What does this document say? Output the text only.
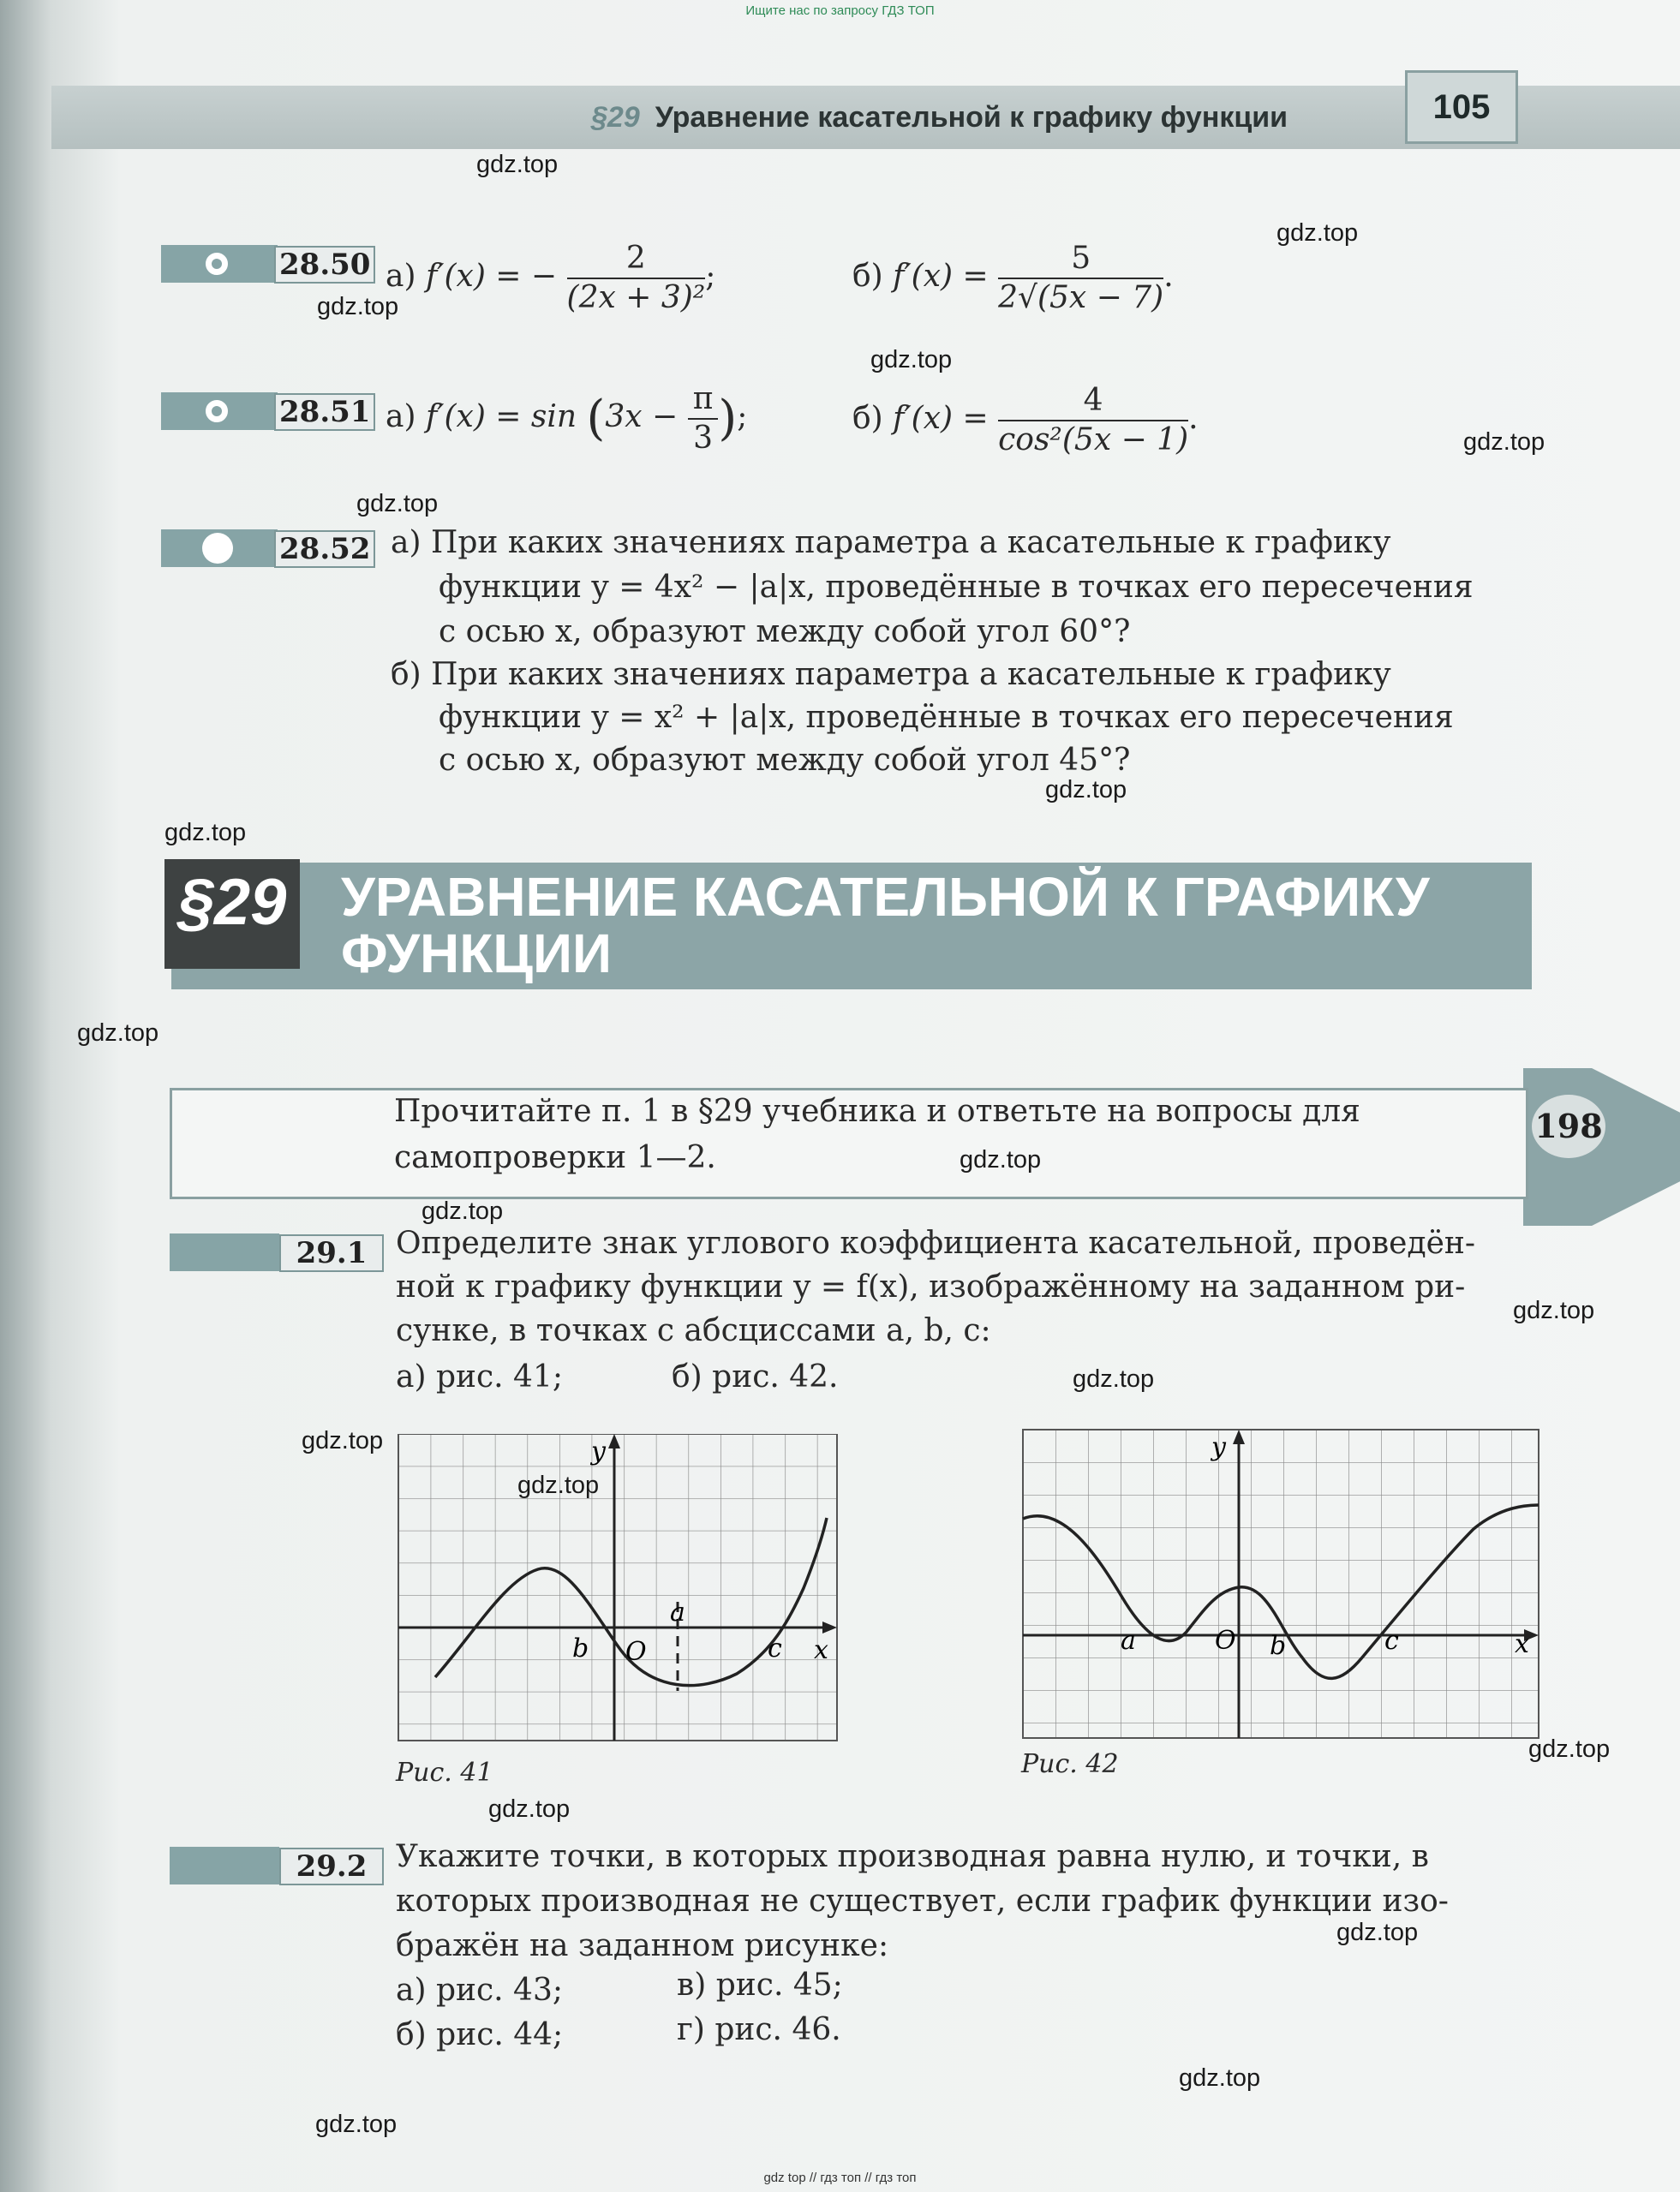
Ищите нас по запросу ГДЗ ТОП
§29 Уравнение касательной к графику функции	105
28.50 а) f′(x) = − $\frac{2}{\text{(2x + 3)²}}$ ;	б) $f'(x) = \frac{5}{2√(5x - 7)}$ .
28.51 а) $f'(x) = \sin (3x - \frac{\pi}{3}$ );	б) $f'(x) = \frac{4}{\text{cos²(5x − 1)}}$ .
28.52 а) При каких значениях параметра a касательные к графику
функции y = 4x² − |a|x, проведённые в точках его пересечения
с осью x, образуют между собой угол 60°?
б) При каких значениях параметра a касательные к графику
функции y = x² + |a|x, проведённые в точках его пересечения
с осью x, образуют между собой угол 45°?
§29 УРАВНЕНИЕ КАСАТЕЛЬНОЙ К ГРАФИКУ
ФУНКЦИИ
Прочитайте п. 1 в §29 учебника и ответьте на вопросы для
самопроверки 1—2.
198
29.1 Определите знак углового коэффициента касательной, проведён-
ной к графику функции y = f(x), изображённому на заданном ри-
сунке, в точках с абсциссами a, b, c:
а) рис. 41;	б) рис. 42.
b O
a
c x
y
Рис. 41
a	O b	c	x
y
Рис. 42
29.2 Укажите точки, в которых производная равна нулю, и точки, в
которых производная не существует, если график функции изо-
бражён на заданном рисунке:
а) рис. 43;	в) рис. 45;
б) рис. 44;	г) рис. 46.
gdz.top
gdz.top
gdz.top
gdz.top
gdz.top
gdz.top
gdz.top
gdz.top
gdz.top
gdz.top
gdz.top
gdz.top
gdz.top
gdz.top
gdz.top
gdz.top
gdz.top
gdz.top
gdz.top
gdz.top
gdz top // гдз топ // гдз топ
